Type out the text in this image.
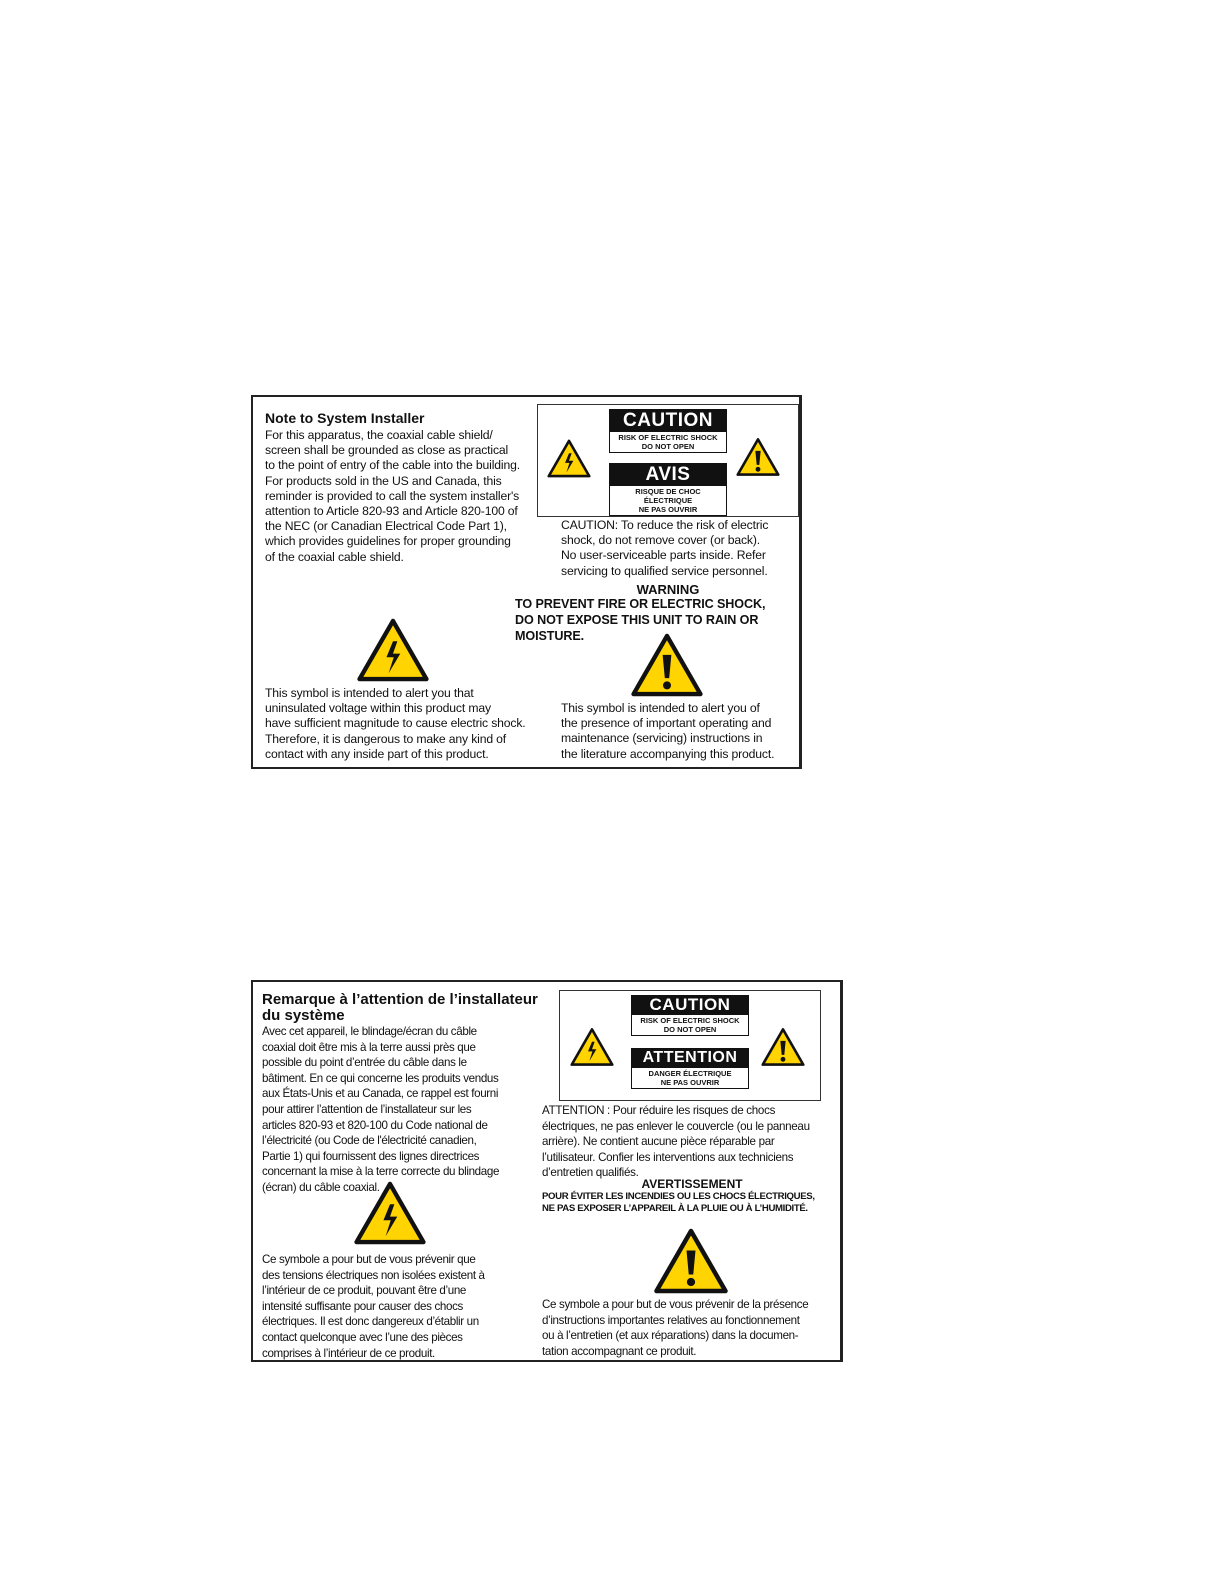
Note to System Installer
For this apparatus, the coaxial cable shield/
screen shall be grounded as close as practical
to the point of entry of the cable into the building.
For products sold in the US and Canada, this
reminder is provided to call the system installer's
attention to Article 820-93 and Article 820-100 of
the NEC (or Canadian Electrical Code Part 1),
which provides guidelines for proper grounding
of the coaxial cable shield.
CAUTION
RISK OF ELECTRIC SHOCK
DO NOT OPEN
AVIS
RISQUE DE CHOC ÉLECTRIQUE
NE PAS OUVRIR
CAUTION: To reduce the risk of electric
shock, do not remove cover (or back).
No user-serviceable parts inside. Refer
servicing to qualified service personnel.
WARNING
TO PREVENT FIRE OR ELECTRIC SHOCK,
DO NOT EXPOSE THIS UNIT TO RAIN OR
MOISTURE.
This symbol is intended to alert you that
uninsulated voltage within this product may
have sufficient magnitude to cause electric shock.
Therefore, it is dangerous to make any kind of
contact with any inside part of this product.
This symbol is intended to alert you of
the presence of important operating and
maintenance (servicing) instructions in
the literature accompanying this product.
Remarque à l’attention de l’installateur
du système
Avec cet appareil, le blindage/écran du câble
coaxial doit être mis à la terre aussi près que
possible du point d’entrée du câble dans le
bâtiment. En ce qui concerne les produits vendus
aux États-Unis et au Canada, ce rappel est fourni
pour attirer l’attention de l’installateur sur les
articles 820-93 et 820-100 du Code national de
l’électricité (ou Code de l'électricité canadien,
Partie 1) qui fournissent des lignes directrices
concernant la mise à la terre correcte du blindage
(écran) du câble coaxial.
CAUTION
RISK OF ELECTRIC SHOCK
DO NOT OPEN
ATTENTION
DANGER ÉLECTRIQUE
NE PAS OUVRIR
ATTENTION : Pour réduire les risques de chocs
électriques, ne pas enlever le couvercle (ou le panneau
arrière). Ne contient aucune pièce réparable par
l’utilisateur. Confier les interventions aux techniciens
d’entretien qualifiés.
AVERTISSEMENT
POUR ÉVITER LES INCENDIES OU LES CHOCS ÉLECTRIQUES,
NE PAS EXPOSER L’APPAREIL À LA PLUIE OU À L’HUMIDITÉ.
Ce symbole a pour but de vous prévenir que
des tensions électriques non isolées existent à
l’intérieur de ce produit, pouvant être d’une
intensité suffisante pour causer des chocs
électriques. Il est donc dangereux d’établir un
contact quelconque avec l’une des pièces
comprises à l’intérieur de ce produit.
Ce symbole a pour but de vous prévenir de la présence
d’instructions importantes relatives au fonctionnement
ou à l’entretien (et aux réparations) dans la documen-
tation accompagnant ce produit.
